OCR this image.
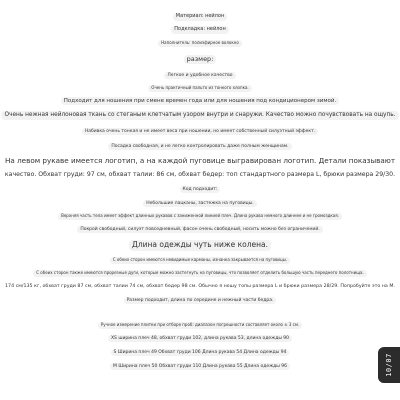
Материал: нейлон
Подкладка: нейлон
Наполнитель: полиэфирное волокно
размер:
Легкое и удобное качество
Очень практичный пальто из тонкого хлопка.
Подходит для ношения при смене времен года или для ношения под кондиционером зимой.
Очень нежная нейлоновая ткань со стеганым клетчатым узором внутри и снаружи. Качество можно почувствовать на ощупь.
Набивка очень тонкая и не имеет веса при ношении, но имеет собственный силуэтный эффект.
Посадка свободная, и не легко контролировать даже полным женщинам.
На левом рукаве имеется логотип, а на каждой пуговице выгравирован логотип. Детали показывают
качество. Обхват груди: 97 см, обхват талии: 86 см, обхват бедер: топ стандартного размера L, брюки размера 29/30.
Код подходит:
Небольшие лацканы, застежка на пуговицы.
Верхняя часть тела имеет эффект длинных рукавов с заниженной линией плеч. Длина рукава немного длиннее и не громоздкая.
Покрой свободный, силуэт повседневный, фасон очень свободный, носить можно без ограничений.
Длина одежды чуть ниже колена.
С обеих сторон имеются невидимые карманы, изнанка закрывается на пуговицы.
С обеих сторон также имеются прорезные дуги, которые можно застегнуть на пуговицы, что позволяет отделить большую часть переднего полотнища.
174 см/135 кг, обхват груди 87 см, обхват талии 74 см, обхват бедер 98 см. Обычно я ношу топы размера L и брюки размера 28/29. Попробуйте это на M.
Размер подходит, длина по середине и нежный части бедра.
Ручное измерение плитки при отборе проб: диапазон погрешности составляет около ± 3 см.
XS ширина плеч 48, обхват груди 102, длина рукава 53, длина одежды 90
S Ширина плеч 49 Обхват груди 106 Длина рукава 54 Длина одежды 94
M Ширина плеч 50 Обхват груди 110 Длина рукава 55 Длина одежды 96	10/07
